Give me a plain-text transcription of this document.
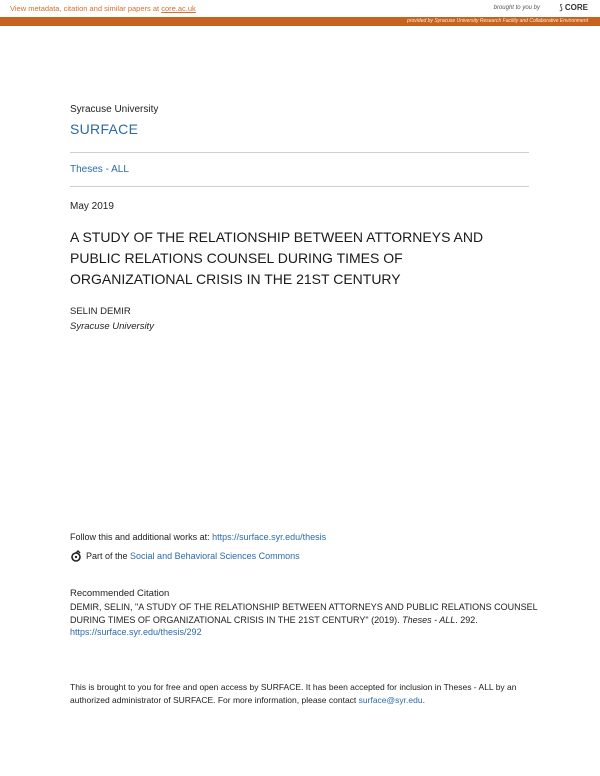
View metadata, citation and similar papers at core.ac.uk	brought to you by ⟆ CORE
provided by Syracuse University Research Facility and Collaborative Environment
Syracuse University
SURFACE
Theses - ALL
May 2019
A STUDY OF THE RELATIONSHIP BETWEEN ATTORNEYS AND PUBLIC RELATIONS COUNSEL DURING TIMES OF ORGANIZATIONAL CRISIS IN THE 21ST CENTURY
SELIN DEMIR
Syracuse University
Follow this and additional works at: https://surface.syr.edu/thesis
Part of the
Social and Behavioral Sciences Commons
Recommended Citation
DEMIR, SELIN, "A STUDY OF THE RELATIONSHIP BETWEEN ATTORNEYS AND PUBLIC RELATIONS COUNSEL DURING TIMES OF ORGANIZATIONAL CRISIS IN THE 21ST CENTURY" (2019). Theses - ALL. 292.
https://surface.syr.edu/thesis/292
This is brought to you for free and open access by SURFACE. It has been accepted for inclusion in Theses - ALL by an authorized administrator of SURFACE. For more information, please contact surface@syr.edu.
